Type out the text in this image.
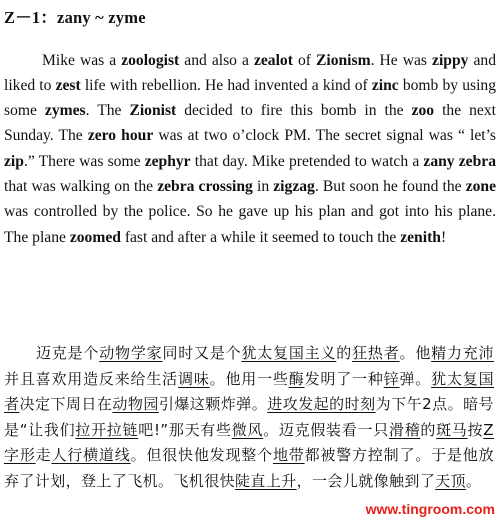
Z－1：zany ~ zyme

Mike was a zoologist and also a zealot of Zionism. He was zippy and liked to zest life with rebellion. He had invented a kind of zinc bomb by using some zymes. The Zionist decided to fire this bomb in the zoo the next Sunday. The zero hour was at two o’clock PM. The secret signal was “ let’s zip.” There was some zephyr that day. Mike pretended to watch a zany zebra that was walking on the zebra crossing in zigzag. But soon he found the zone was controlled by the police. So he gave up his plan and got into his plane. The plane zoomed fast and after a while it seemed to touch the zenith!

迈克是个动物学家同时又是个犹太复国主义的狂热者。他精力充沛并且喜欢用造反来给生活调味。他用一些酶发明了一种锌弹。犹太复国者决定下周日在动物园引爆这颗炸弹。进攻发起的时刻为下午2点。暗号是“让我们拉开拉链吧!”那天有些微风。迈克假装看一只滑稽的斑马按Z字形走人行横道线。但很快他发现整个地带都被警方控制了。于是他放弃了计划，登上了飞机。飞机很快陡直上升，一会儿就像触到了天顶。

www.tingroom.com
